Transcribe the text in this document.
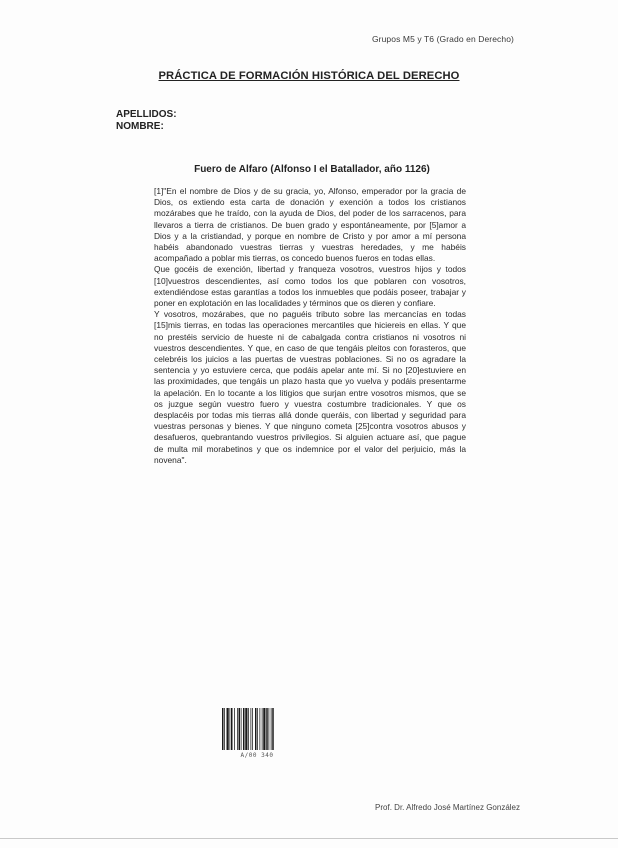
Grupos M5 y T6 (Grado en Derecho)
PRÁCTICA DE FORMACIÓN HISTÓRICA DEL DERECHO
APELLIDOS:
NOMBRE:
Fuero de Alfaro (Alfonso I el Batallador, año 1126)

[1]"En el nombre de Dios y de su gracia, yo, Alfonso, emperador por la gracia de Dios, os extiendo esta carta de donación y exención a todos los cristianos mozárabes que he traído, con la ayuda de Dios, del poder de los sarracenos, para llevaros a tierra de cristianos. De buen grado y espontáneamente, por [5]amor a Dios y a la cristiandad, y porque en nombre de Cristo y por amor a mí persona habéis abandonado vuestras tierras y vuestras heredades, y me habéis acompañado a poblar mis tierras, os concedo buenos fueros en todas ellas.

Que gocéis de exención, libertad y franqueza vosotros, vuestros hijos y todos [10]vuestros descendientes, así como todos los que poblaren con vosotros, extendiéndose estas garantías a todos los inmuebles que podáis poseer, trabajar y poner en explotación en las localidades y términos que os dieren y confiare.

Y vosotros, mozárabes, que no paguéis tributo sobre las mercancías en todas [15]mis tierras, en todas las operaciones mercantiles que hiciereis en ellas. Y que no prestéis servicio de hueste ni de cabalgada contra cristianos ni vosotros ni vuestros descendientes. Y que, en caso de que tengáis pleitos con forasteros, que celebréis los juicios a las puertas de vuestras poblaciones. Si no os agradare la sentencia y yo estuviere cerca, que podáis apelar ante mí. Si no [20]estuviere en las proximidades, que tengáis un plazo hasta que yo vuelva y podáis presentarme la apelación. En lo tocante a los litigios que surjan entre vosotros mismos, que se os juzgue según vuestro fuero y vuestra costumbre tradicionales. Y que os desplacéis por todas mis tierras allá donde queráis, con libertad y seguridad para vuestras personas y bienes. Y que ninguno cometa [25]contra vosotros abusos y desafueros, quebrantando vuestros privilegios. Si alguien actuare así, que pague de multa mil morabetinos y que os indemnice por el valor del perjuicio, más la novena".

A/00 340
Prof. Dr. Alfredo José Martínez González
